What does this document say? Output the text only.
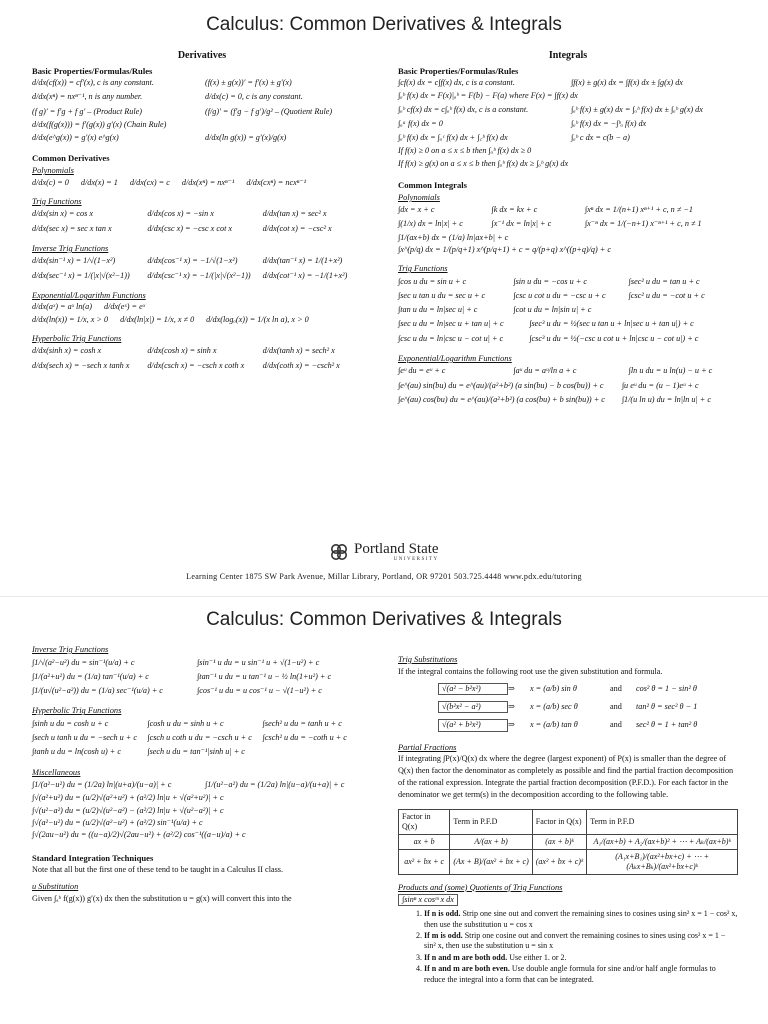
Calculus: Common Derivatives & Integrals
Derivatives
Basic Properties/Formulas/Rules
d/dx(cf(x)) = cf′(x), c is any constant.	(f(x) ± g(x))′ = f′(x) ± g′(x)
d/dx(xⁿ) = nxⁿ⁻¹, n is any number.	d/dx(c) = 0, c is any constant.
(f g)′ = f′g + f g′ – (Product Rule)	(f/g)′ = (f′g − f g′)/g² – (Quotient Rule)
d/dx(f(g(x))) = f′(g(x)) g′(x) (Chain Rule)
d/dx(e^g(x)) = g′(x) e^g(x)	d/dx(ln g(x)) = g′(x)/g(x)
Common Derivatives
Polynomials
d/dx(c) = 0 d/dx(x) = 1 d/dx(cx) = c d/dx(xⁿ) = nxⁿ⁻¹ d/dx(cxⁿ) = ncxⁿ⁻¹
Trig Functions
d/dx(sin x) = cos x	d/dx(cos x) = −sin x	d/dx(tan x) = sec² x
d/dx(sec x) = sec x tan x	d/dx(csc x) = −csc x cot x	d/dx(cot x) = −csc² x
Inverse Trig Functions
d/dx(sin⁻¹ x) = 1/√(1−x²)	d/dx(cos⁻¹ x) = −1/√(1−x²)	d/dx(tan⁻¹ x) = 1/(1+x²)
d/dx(sec⁻¹ x) = 1/(|x|√(x²−1))	d/dx(csc⁻¹ x) = −1/(|x|√(x²−1))	d/dx(cot⁻¹ x) = −1/(1+x²)
Exponential/Logarithm Functions
d/dx(aˣ) = aˣ ln(a) d/dx(eˣ) = eˣ
d/dx(ln(x)) = 1/x, x > 0 d/dx(ln|x|) = 1/x, x ≠ 0 d/dx(logₐ(x)) = 1/(x ln a), x > 0
Hyperbolic Trig Functions
d/dx(sinh x) = cosh x	d/dx(cosh x) = sinh x	d/dx(tanh x) = sech² x
d/dx(sech x) = −sech x tanh x	d/dx(csch x) = −csch x coth x	d/dx(coth x) = −csch² x
Integrals
Basic Properties/Formulas/Rules
∫cf(x) dx = c∫f(x) dx, c is a constant.	∫f(x) ± g(x) dx = ∫f(x) dx ± ∫g(x) dx
∫ₐᵇ f(x) dx = F(x)|ₐᵇ = F(b) − F(a) where F(x) = ∫f(x) dx
∫ₐᵇ cf(x) dx = c∫ₐᵇ f(x) dx, c is a constant.	∫ₐᵇ f(x) ± g(x) dx = ∫ₐᵇ f(x) dx ± ∫ₐᵇ g(x) dx
∫ₐᵃ f(x) dx = 0	∫ₐᵇ f(x) dx = −∫ᵇₐ f(x) dx
∫ₐᵇ f(x) dx = ∫ₐᶜ f(x) dx + ∫꜀ᵇ f(x) dx	∫ₐᵇ c dx = c(b − a)
If f(x) ≥ 0 on a ≤ x ≤ b then ∫ₐᵇ f(x) dx ≥ 0
If f(x) ≥ g(x) on a ≤ x ≤ b then ∫ₐᵇ f(x) dx ≥ ∫ₐᵇ g(x) dx
Common Integrals
Polynomials
∫dx = x + c	∫k dx = kx + c	∫xⁿ dx = 1/(n+1) xⁿ⁺¹ + c, n ≠ −1
∫(1/x) dx = ln|x| + c	∫x⁻¹ dx = ln|x| + c	∫x⁻ⁿ dx = 1/(−n+1) x⁻ⁿ⁺¹ + c, n ≠ 1
∫1/(ax+b) dx = (1/a) ln|ax+b| + c
∫x^(p/q) dx = 1/(p/q+1) x^(p/q+1) + c = q/(p+q) x^((p+q)/q) + c
Trig Functions
∫cos u du = sin u + c	∫sin u du = −cos u + c	∫sec² u du = tan u + c
∫sec u tan u du = sec u + c	∫csc u cot u du = −csc u + c	∫csc² u du = −cot u + c
∫tan u du = ln|sec u| + c	∫cot u du = ln|sin u| + c
∫sec u du = ln|sec u + tan u| + c	∫sec³ u du = ½(sec u tan u + ln|sec u + tan u|) + c
∫csc u du = ln|csc u − cot u| + c	∫csc³ u du = ½(−csc u cot u + ln|csc u − cot u|) + c
Exponential/Logarithm Functions
∫eᵘ du = eᵘ + c	∫aᵘ du = aᵘ/ln a + c	∫ln u du = u ln(u) − u + c
∫e^(au) sin(bu) du = e^(au)/(a²+b²) (a sin(bu) − b cos(bu)) + c	∫u eᵘ du = (u − 1)eᵘ + c
∫e^(au) cos(bu) du = e^(au)/(a²+b²) (a cos(bu) + b sin(bu)) + c	∫1/(u ln u) du = ln|ln u| + c
Portland State
UNIVERSITY
Learning Center 1875 SW Park Avenue, Millar Library, Portland, OR 97201 503.725.4448 www.pdx.edu/tutoring
Calculus: Common Derivatives & Integrals
Inverse Trig Functions
∫1/√(a²−u²) du = sin⁻¹(u/a) + c	∫sin⁻¹ u du = u sin⁻¹ u + √(1−u²) + c
∫1/(a²+u²) du = (1/a) tan⁻¹(u/a) + c	∫tan⁻¹ u du = u tan⁻¹ u − ½ ln(1+u²) + c
∫1/(u√(u²−a²)) du = (1/a) sec⁻¹(u/a) + c	∫cos⁻¹ u du = u cos⁻¹ u − √(1−u²) + c
Hyperbolic Trig Functions
∫sinh u du = cosh u + c	∫cosh u du = sinh u + c	∫sech² u du = tanh u + c
∫sech u tanh u du = −sech u + c	∫csch u coth u du = −csch u + c	∫csch² u du = −coth u + c
∫tanh u du = ln(cosh u) + c	∫sech u du = tan⁻¹|sinh u| + c
Miscellaneous
∫1/(a²−u²) du = (1/2a) ln|(u+a)/(u−a)| + c	∫1/(u²−a²) du = (1/2a) ln|(u−a)/(u+a)| + c
∫√(a²+u²) du = (u/2)√(a²+u²) + (a²/2) ln|u + √(a²+u²)| + c
∫√(u²−a²) du = (u/2)√(u²−a²) − (a²/2) ln|u + √(u²−a²)| + c
∫√(a²−u²) du = (u/2)√(a²−u²) + (a²/2) sin⁻¹(u/a) + c
∫√(2au−u²) du = ((u−a)/2)√(2au−u²) + (a²/2) cos⁻¹((a−u)/a) + c
Standard Integration Techniques
Note that all but the first one of these tend to be taught in a Calculus II class.
u Substitution
Given ∫ₐᵇ f(g(x)) g′(x) dx then the substitution u = g(x) will convert this into the
Trig Substitutions
If the integral contains the following root use the given substitution and formula.
√(a² − b²x²)	⇒	x = (a/b) sin θ	and	cos² θ = 1 − sin² θ
√(b²x² − a²)	⇒	x = (a/b) sec θ	and	tan² θ = sec² θ − 1
√(a² + b²x²)	⇒	x = (a/b) tan θ	and	sec² θ = 1 + tan² θ
Partial Fractions
If integrating ∫P(x)/Q(x) dx where the degree (largest exponent) of P(x) is smaller than the degree of Q(x) then factor the denominator as completely as possible and find the partial fraction decomposition of the rational expression. Integrate the partial fraction decomposition (P.F.D.). For each factor in the denominator we get term(s) in the decomposition according to the following table.
Factor in Q(x)	Term in P.F.D	Factor in Q(x)	Term in P.F.D
ax + b	A/(ax + b)	(ax + b)ᵏ	A₁/(ax+b) + A₂/(ax+b)² + ⋯ + Aₖ/(ax+b)ᵏ
ax² + bx + c	(Ax + B)/(ax² + bx + c)	(ax² + bx + c)ᵏ	(A₁x+B₁)/(ax²+bx+c) + ⋯ + (Aₖx+Bₖ)/(ax²+bx+c)ᵏ
Products and (some) Quotients of Trig Functions
∫sinⁿ x cosᵐ x dx
1. If n is odd. Strip one sine out and convert the remaining sines to cosines using sin² x = 1 − cos² x, then use the substitution u = cos x
2. If m is odd. Strip one cosine out and convert the remaining cosines to sines using cos² x = 1 − sin² x, then use the substitution u = sin x
3. If n and m are both odd. Use either 1. or 2.
4. If n and m are both even. Use double angle formula for sine and/or half angle formulas to reduce the integral into a form that can be integrated.
